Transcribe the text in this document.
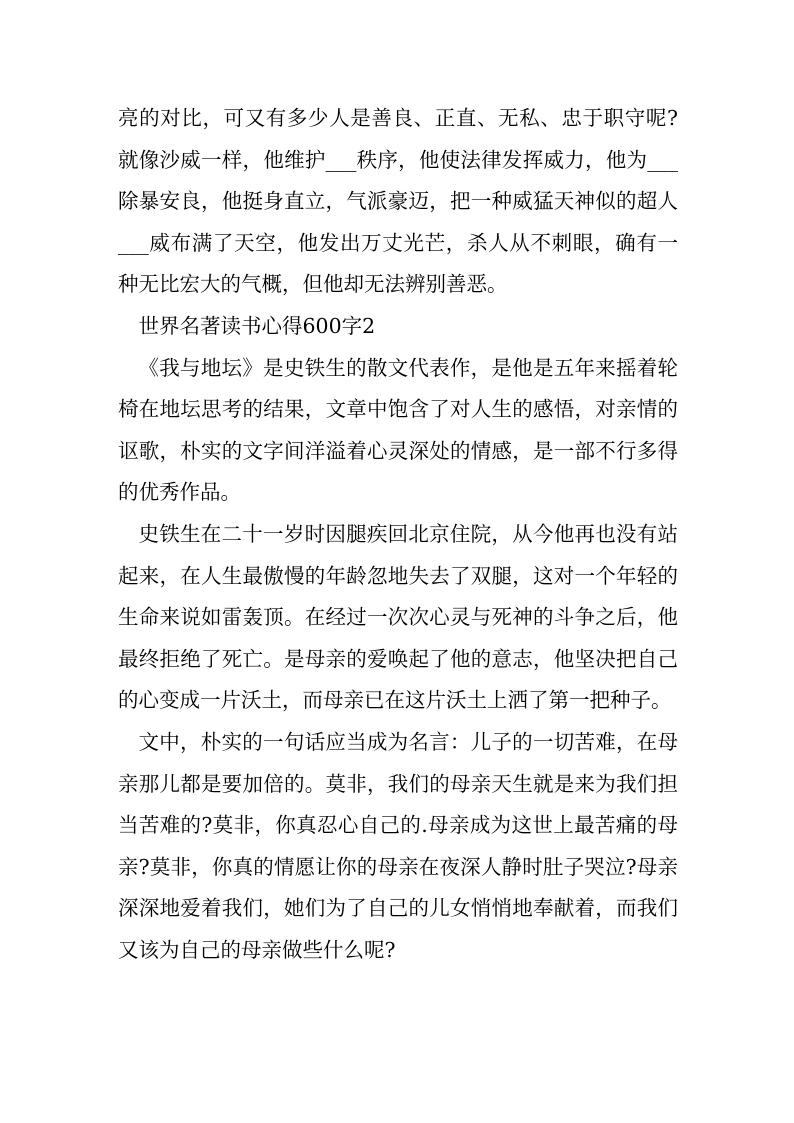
亮的对比，可又有多少人是善良、正直、无私、忠于职守呢?就像沙威一样，他维护___秩序，他使法律发挥威力，他为___除暴安良，他挺身直立，气派豪迈，把一种威猛天神似的超人___威布满了天空，他发出万丈光芒，杀人从不刺眼，确有一种无比宏大的气概，但他却无法辨别善恶。

世界名著读书心得600字2

《我与地坛》是史铁生的散文代表作，是他是五年来摇着轮椅在地坛思考的结果，文章中饱含了对人生的感悟，对亲情的讴歌，朴实的文字间洋溢着心灵深处的情感，是一部不行多得的优秀作品。

史铁生在二十一岁时因腿疾回北京住院，从今他再也没有站起来，在人生最傲慢的年龄忽地失去了双腿，这对一个年轻的生命来说如雷轰顶。在经过一次次心灵与死神的斗争之后，他最终拒绝了死亡。是母亲的爱唤起了他的意志，他坚决把自己的心变成一片沃土，而母亲已在这片沃土上洒了第一把种子。

文中，朴实的一句话应当成为名言：儿子的一切苦难，在母亲那儿都是要加倍的。莫非，我们的母亲天生就是来为我们担当苦难的?莫非，你真忍心自己的.母亲成为这世上最苦痛的母亲?莫非，你真的情愿让你的母亲在夜深人静时肚子哭泣?母亲深深地爱着我们，她们为了自己的儿女悄悄地奉献着，而我们又该为自己的母亲做些什么呢?
